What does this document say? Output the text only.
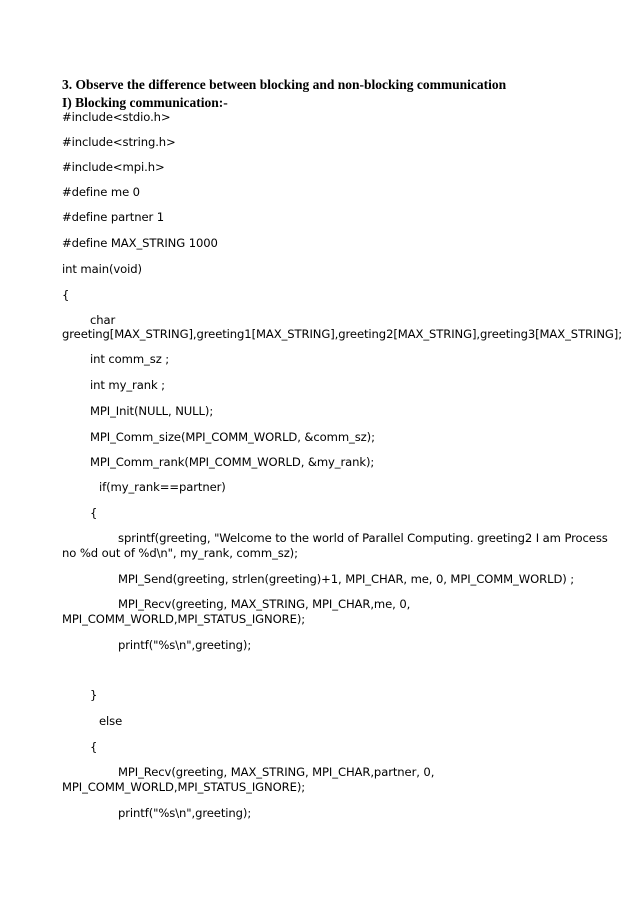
3. Observe the difference between blocking and non-blocking communication
I) Blocking communication:-
#include<stdio.h>
#include<string.h>
#include<mpi.h>
#define me 0
#define partner 1
#define MAX_STRING 1000
int main(void)
{
char
greeting[MAX_STRING],greeting1[MAX_STRING],greeting2[MAX_STRING],greeting3[MAX_STRING];
int comm_sz ;
int my_rank ;
MPI_Init(NULL, NULL);
MPI_Comm_size(MPI_COMM_WORLD, &comm_sz);
MPI_Comm_rank(MPI_COMM_WORLD, &my_rank);
if(my_rank==partner)
{
sprintf(greeting, "Welcome to the world of Parallel Computing. greeting2 I am Process
no %d out of %d\n", my_rank, comm_sz);
MPI_Send(greeting, strlen(greeting)+1, MPI_CHAR, me, 0, MPI_COMM_WORLD) ;
MPI_Recv(greeting, MAX_STRING, MPI_CHAR,me, 0,
MPI_COMM_WORLD,MPI_STATUS_IGNORE);
printf("%s\n",greeting);
}
else
{
MPI_Recv(greeting, MAX_STRING, MPI_CHAR,partner, 0,
MPI_COMM_WORLD,MPI_STATUS_IGNORE);
printf("%s\n",greeting);
